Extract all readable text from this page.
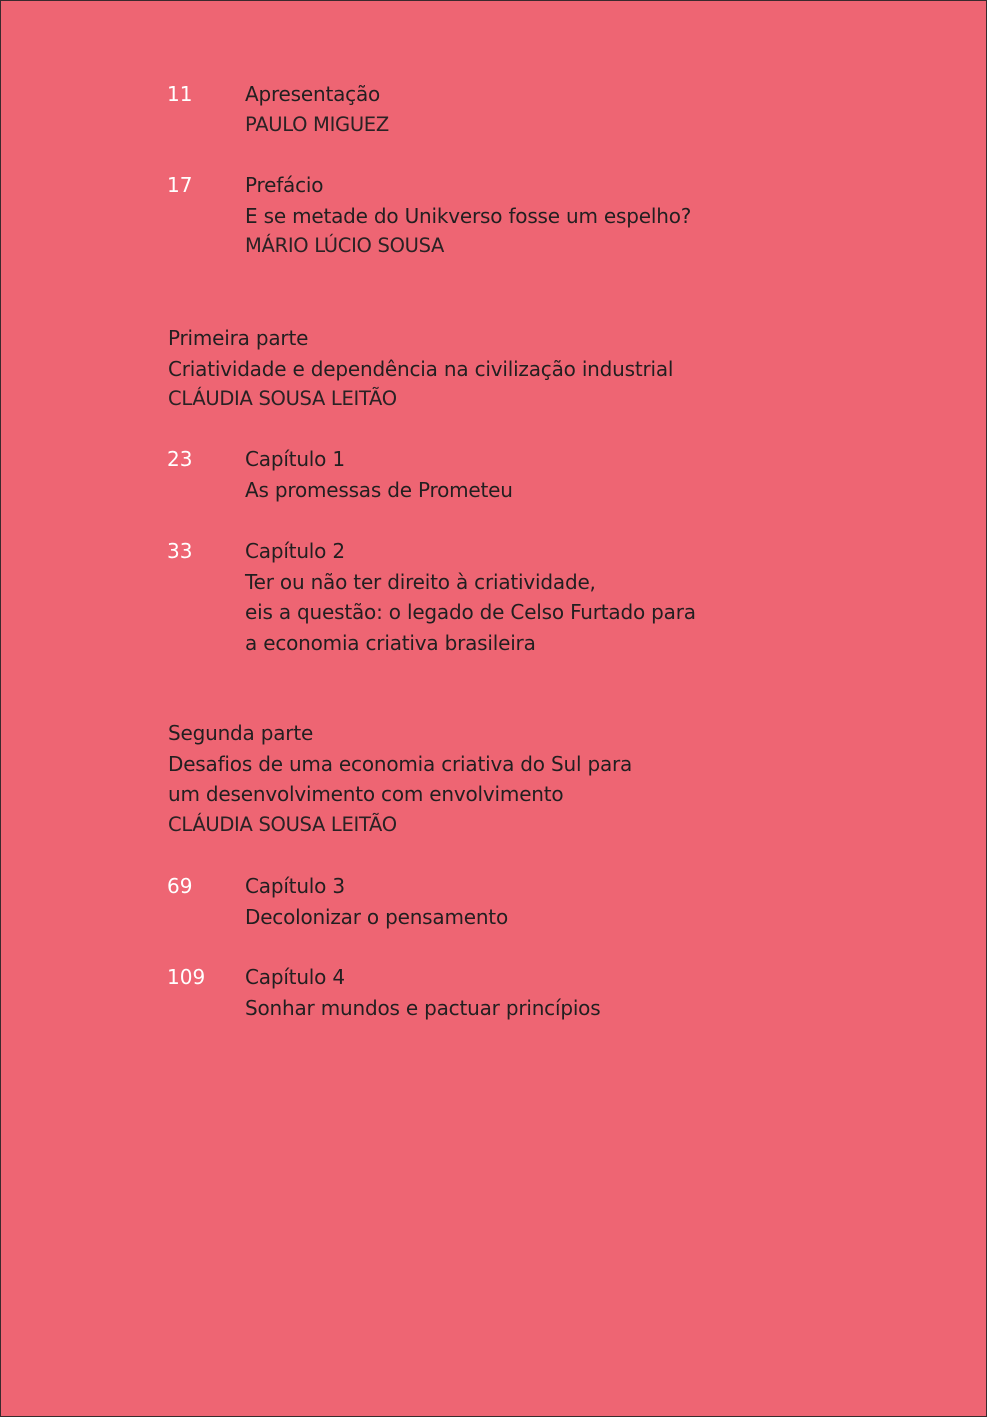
11	Apresentação
PAULO MIGUEZ
17	Prefácio
E se metade do Unikverso fosse um espelho?
MÁRIO LÚCIO SOUSA
Primeira parte
Criatividade e dependência na civilização industrial
CLÁUDIA SOUSA LEITÃO
23	Capítulo 1
As promessas de Prometeu
33	Capítulo 2
Ter ou não ter direito à criatividade,
eis a questão: o legado de Celso Furtado para
a economia criativa brasileira
Segunda parte
Desafios de uma economia criativa do Sul para
um desenvolvimento com envolvimento
CLÁUDIA SOUSA LEITÃO
69	Capítulo 3
Decolonizar o pensamento
109 Capítulo 4
Sonhar mundos e pactuar princípios
